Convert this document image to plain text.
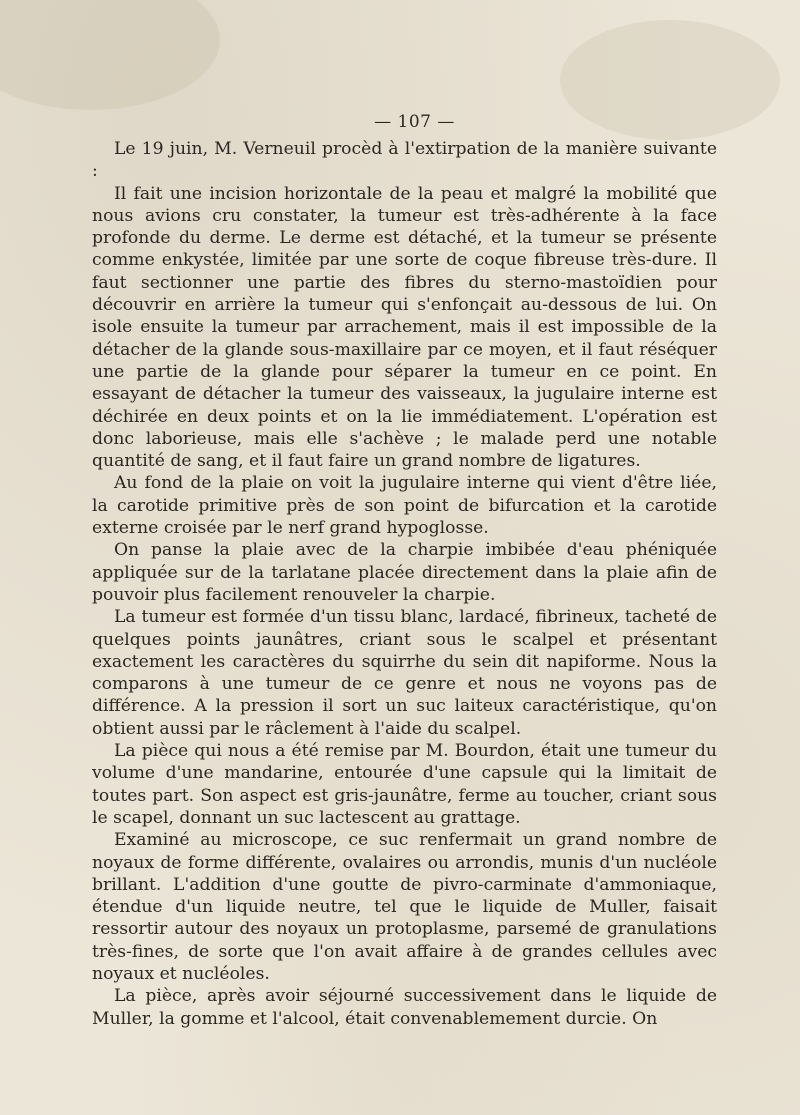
— 107 —

Le 19 juin, M. Verneuil procèd à l'extirpation de la manière suivante :

Il fait une incision horizontale de la peau et malgré la mobilité que nous avions cru constater, la tumeur est très-adhérente à la face profonde du derme. Le derme est détaché, et la tumeur se présente comme enkystée, limitée par une sorte de coque fibreuse très-dure. Il faut sectionner une partie des fibres du sterno-mastoïdien pour découvrir en arrière la tumeur qui s'enfonçait au-dessous de lui. On isole ensuite la tumeur par arrachement, mais il est impossible de la détacher de la glande sous-maxillaire par ce moyen, et il faut réséquer une partie de la glande pour séparer la tumeur en ce point. En essayant de détacher la tumeur des vaisseaux, la jugulaire interne est déchirée en deux points et on la lie immédiatement. L'opération est donc laborieuse, mais elle s'achève ; le malade perd une notable quantité de sang, et il faut faire un grand nombre de ligatures.

Au fond de la plaie on voit la jugulaire interne qui vient d'être liée, la carotide primitive près de son point de bifurcation et la carotide externe croisée par le nerf grand hypoglosse.

On panse la plaie avec de la charpie imbibée d'eau phéniquée appliquée sur de la tarlatane placée directement dans la plaie afin de pouvoir plus facilement renouveler la charpie.

La tumeur est formée d'un tissu blanc, lardacé, fibrineux, tacheté de quelques points jaunâtres, criant sous le scalpel et présentant exactement les caractères du squirrhe du sein dit napiforme. Nous la comparons à une tumeur de ce genre et nous ne voyons pas de différence. A la pression il sort un suc laiteux caractéristique, qu'on obtient aussi par le râclement à l'aide du scalpel.

La pièce qui nous a été remise par M. Bourdon, était une tumeur du volume d'une mandarine, entourée d'une capsule qui la limitait de toutes part. Son aspect est gris-jaunâtre, ferme au toucher, criant sous le scapel, donnant un suc lactescent au grattage.

Examiné au microscope, ce suc renfermait un grand nombre de noyaux de forme différente, ovalaires ou arrondis, munis d'un nucléole brillant. L'addition d'une goutte de pivro-carminate d'ammoniaque, étendue d'un liquide neutre, tel que le liquide de Muller, faisait ressortir autour des noyaux un protoplasme, parsemé de granulations très-fines, de sorte que l'on avait affaire à de grandes cellules avec noyaux et nucléoles.

La pièce, après avoir séjourné successivement dans le liquide de Muller, la gomme et l'alcool, était convenablemement durcie. On
